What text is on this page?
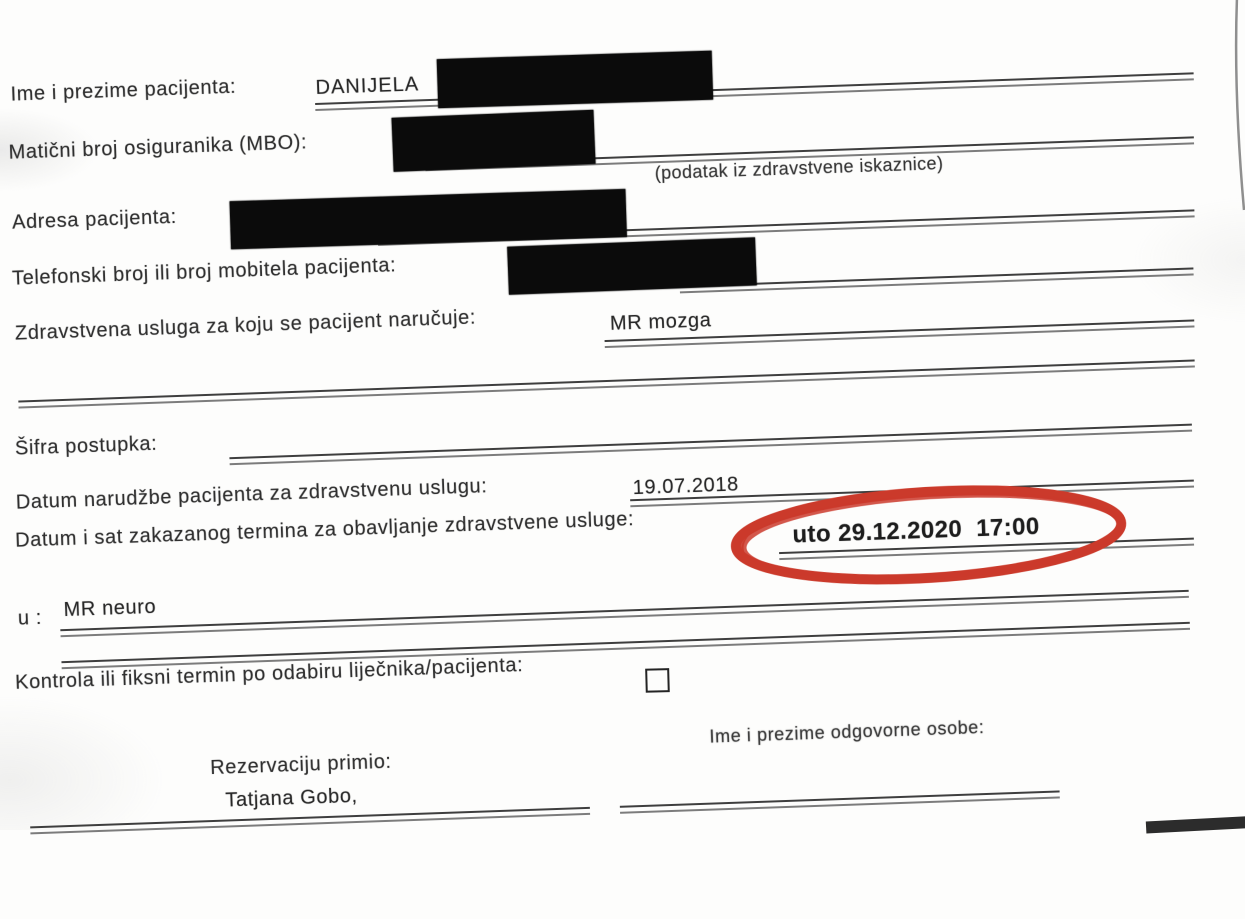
Ime i prezime pacijenta:	DANIJELA
Matični broj osiguranika (MBO):
(podatak iz zdravstvene iskaznice)
Adresa pacijenta:
Telefonski broj ili broj mobitela pacijenta:
Zdravstvena usluga za koju se pacijent naručuje:	MR mozga
Šifra postupka:
Datum narudžbe pacijenta za zdravstvenu uslugu:	19.07.2018
Datum i sat zakazanog termina za obavljanje zdravstvene usluge:	uto 29.12.2020  17:00
u : MR neuro
Kontrola ili fiksni termin po odabiru liječnika/pacijenta:
Ime i prezime odgovorne osobe:
Rezervaciju primio:
Tatjana Gobo,
